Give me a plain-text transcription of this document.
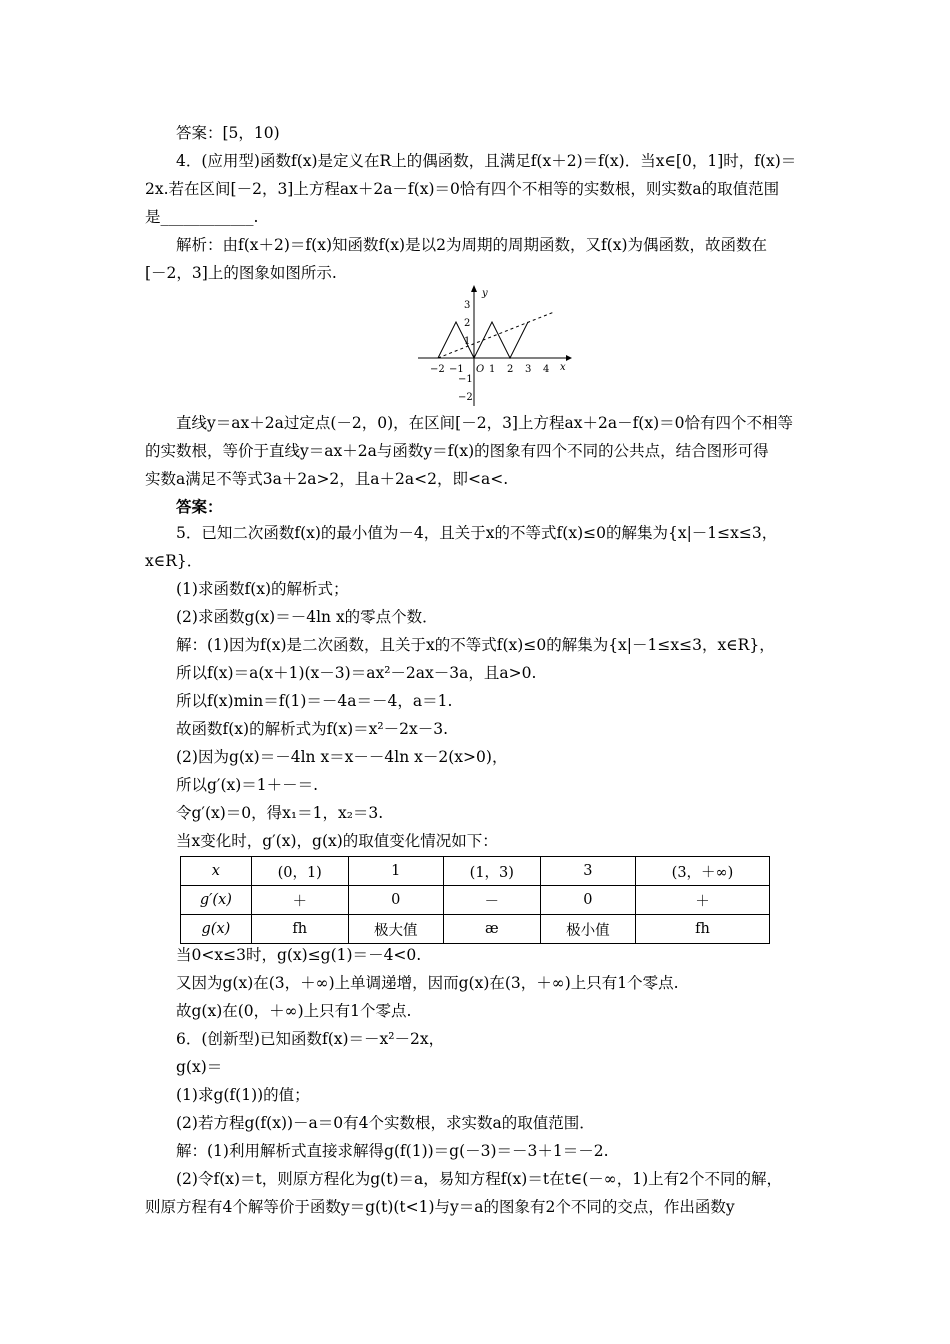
答案：[5，10)
4．(应用型)函数f(x)是定义在R上的偶函数，且满足f(x＋2)＝f(x)．当x∈[0，1]时，f(x)＝
2x.若在区间[－2，3]上方程ax＋2a－f(x)＝0恰有四个不相等的实数根，则实数a的取值范围
是____________.
解析：由f(x＋2)＝f(x)知函数f(x)是以2为周期的周期函数，又f(x)为偶函数，故函数在
[－2，3]上的图象如图所示.
y
x
O
−2 −1	1 2 3 4
3
2
1
−1
−2
直线y＝ax＋2a过定点(－2，0)，在区间[－2，3]上方程ax＋2a－f(x)＝0恰有四个不相等
的实数根，等价于直线y＝ax＋2a与函数y＝f(x)的图象有四个不同的公共点，结合图形可得
实数a满足不等式3a＋2a>2，且a＋2a<2，即<a<.
答案：
5．已知二次函数f(x)的最小值为－4，且关于x的不等式f(x)≤0的解集为{x|－1≤x≤3，
x∈R}．
(1)求函数f(x)的解析式；
(2)求函数g(x)＝－4ln x的零点个数．
解：(1)因为f(x)是二次函数，且关于x的不等式f(x)≤0的解集为{x|－1≤x≤3，x∈R}，
所以f(x)＝a(x＋1)(x－3)＝ax²－2ax－3a，且a>0.
所以f(x)min＝f(1)＝－4a＝－4，a＝1.
故函数f(x)的解析式为f(x)＝x²－2x－3.
(2)因为g(x)＝－4ln x＝x－－4ln x－2(x>0)，
所以g′(x)＝1＋－＝.
令g′(x)＝0，得x₁＝1，x₂＝3.
当x变化时，g′(x)，g(x)的取值变化情况如下：
x	(0，1)	1	(1，3)	3	(3，＋∞)
g′(x)	＋	0	－	0	＋
g(x)	fh	极大值	æ	极小值	fh
当0<x≤3时，g(x)≤g(1)＝－4<0.
又因为g(x)在(3，＋∞)上单调递增，因而g(x)在(3，＋∞)上只有1个零点.
故g(x)在(0，＋∞)上只有1个零点.
6．(创新型)已知函数f(x)＝－x²－2x，
g(x)＝
(1)求g(f(1))的值；
(2)若方程g(f(x))－a＝0有4个实数根，求实数a的取值范围．
解：(1)利用解析式直接求解得g(f(1))＝g(－3)＝－3＋1＝－2.
(2)令f(x)＝t，则原方程化为g(t)＝a，易知方程f(x)＝t在t∈(－∞，1)上有2个不同的解，
则原方程有4个解等价于函数y＝g(t)(t<1)与y＝a的图象有2个不同的交点，作出函数y
